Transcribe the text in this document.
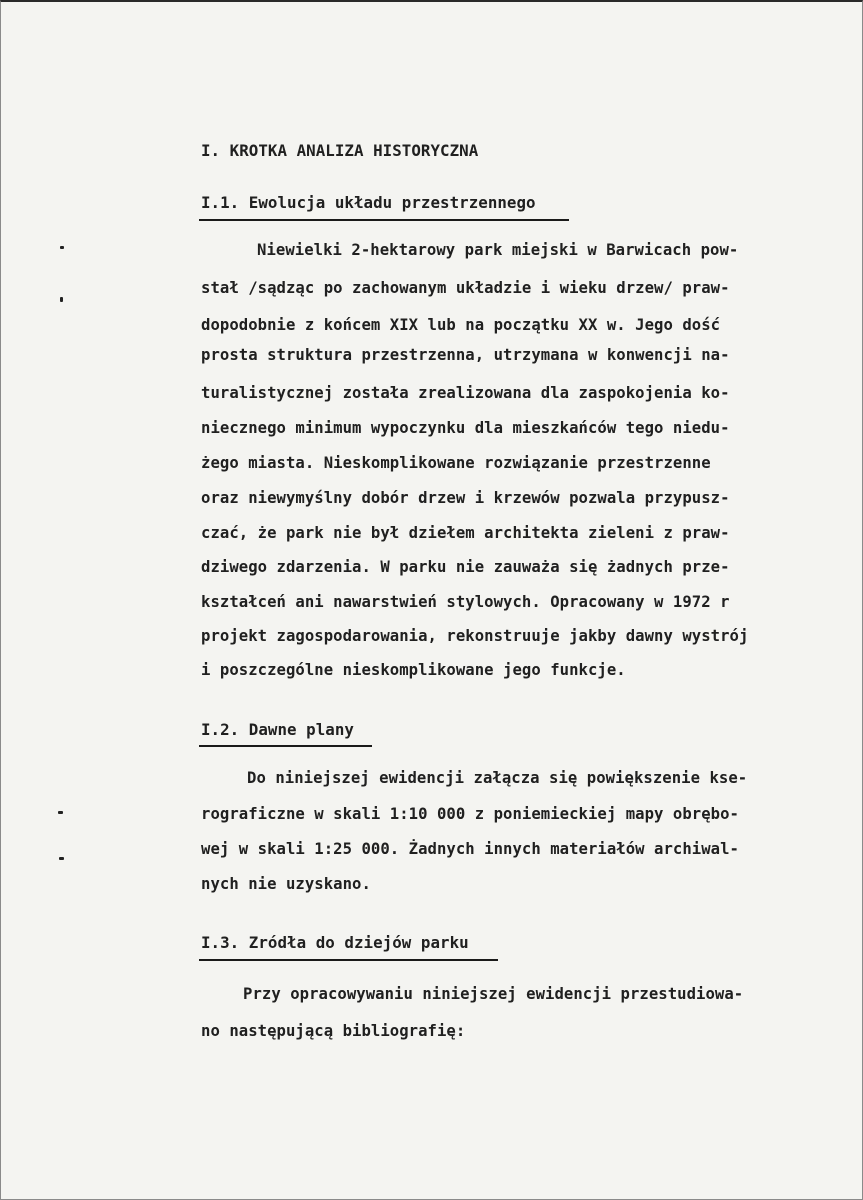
I. KROTKA ANALIZA HISTORYCZNA
I.1. Ewolucja układu przestrzennego
Niewielki 2-hektarowy park miejski w Barwicach pow-
stał /sądząc po zachowanym układzie i wieku drzew/ praw-
dopodobnie z końcem XIX lub na początku XX w. Jego dość
prosta struktura przestrzenna, utrzymana w konwencji na-
turalistycznej została zrealizowana dla zaspokojenia ko-
niecznego minimum wypoczynku dla mieszkańców tego niedu-
żego miasta. Nieskomplikowane rozwiązanie przestrzenne
oraz niewymyślny dobór drzew i krzewów pozwala przypusz-
czać, że park nie był dziełem architekta zieleni z praw-
dziwego zdarzenia. W parku nie zauważa się żadnych prze-
kształceń ani nawarstwień stylowych. Opracowany w 1972 r
projekt zagospodarowania, rekonstruuje jakby dawny wystrój
i poszczególne nieskomplikowane jego funkcje.
I.2. Dawne plany
Do niniejszej ewidencji załącza się powiększenie kse-
rograficzne w skali 1:10 000 z poniemieckiej mapy obrębo-
wej w skali 1:25 000. Żadnych innych materiałów archiwal-
nych nie uzyskano.
I.3. Zródła do dziejów parku
Przy opracowywaniu niniejszej ewidencji przestudiowa-
no następującą bibliografię:
